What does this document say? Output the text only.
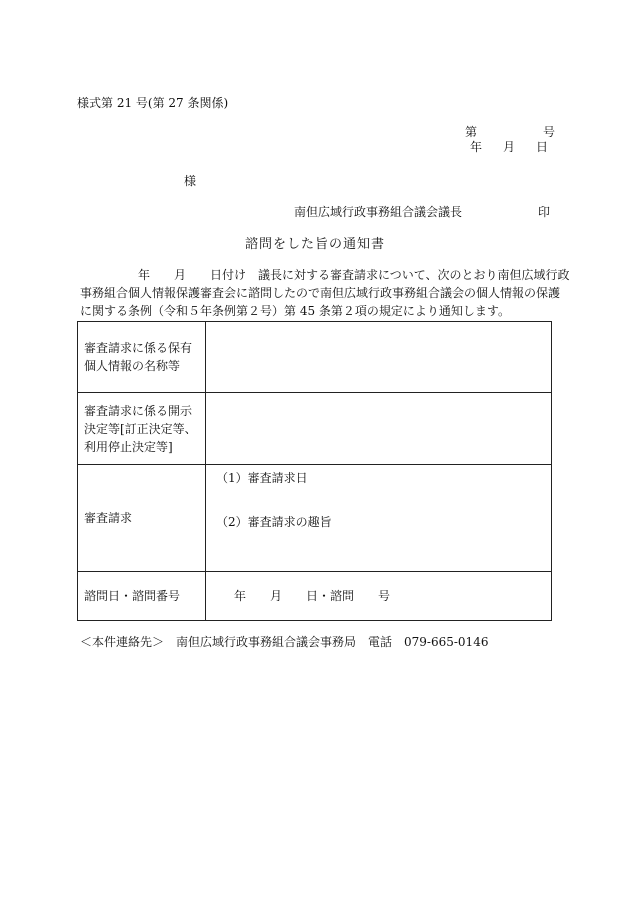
様式第 21 号(第 27 条関係)
第	号
年 月 日
様
南但広域行政事務組合議会議長	印
諮問をした旨の通知書
年　　月　　日付け　議長に対する審査請求について、次のとおり南但広域行政
事務組合個人情報保護審査会に諮問したので南但広域行政事務組合議会の個人情報の保護
に関する条例（令和５年条例第２号）第 45 条第２項の規定により通知します。
審査請求に係る保有
個人情報の名称等	

審査請求に係る開示
決定等[訂正決定等、
利用停止決定等]	

審査請求	（1）審査請求日
（2）審査請求の趣旨

諮問日・諮問番号	年　　月　　日・諮問　　号
＜本件連絡先＞　南但広域行政事務組合議会事務局　電話　079-665-0146
